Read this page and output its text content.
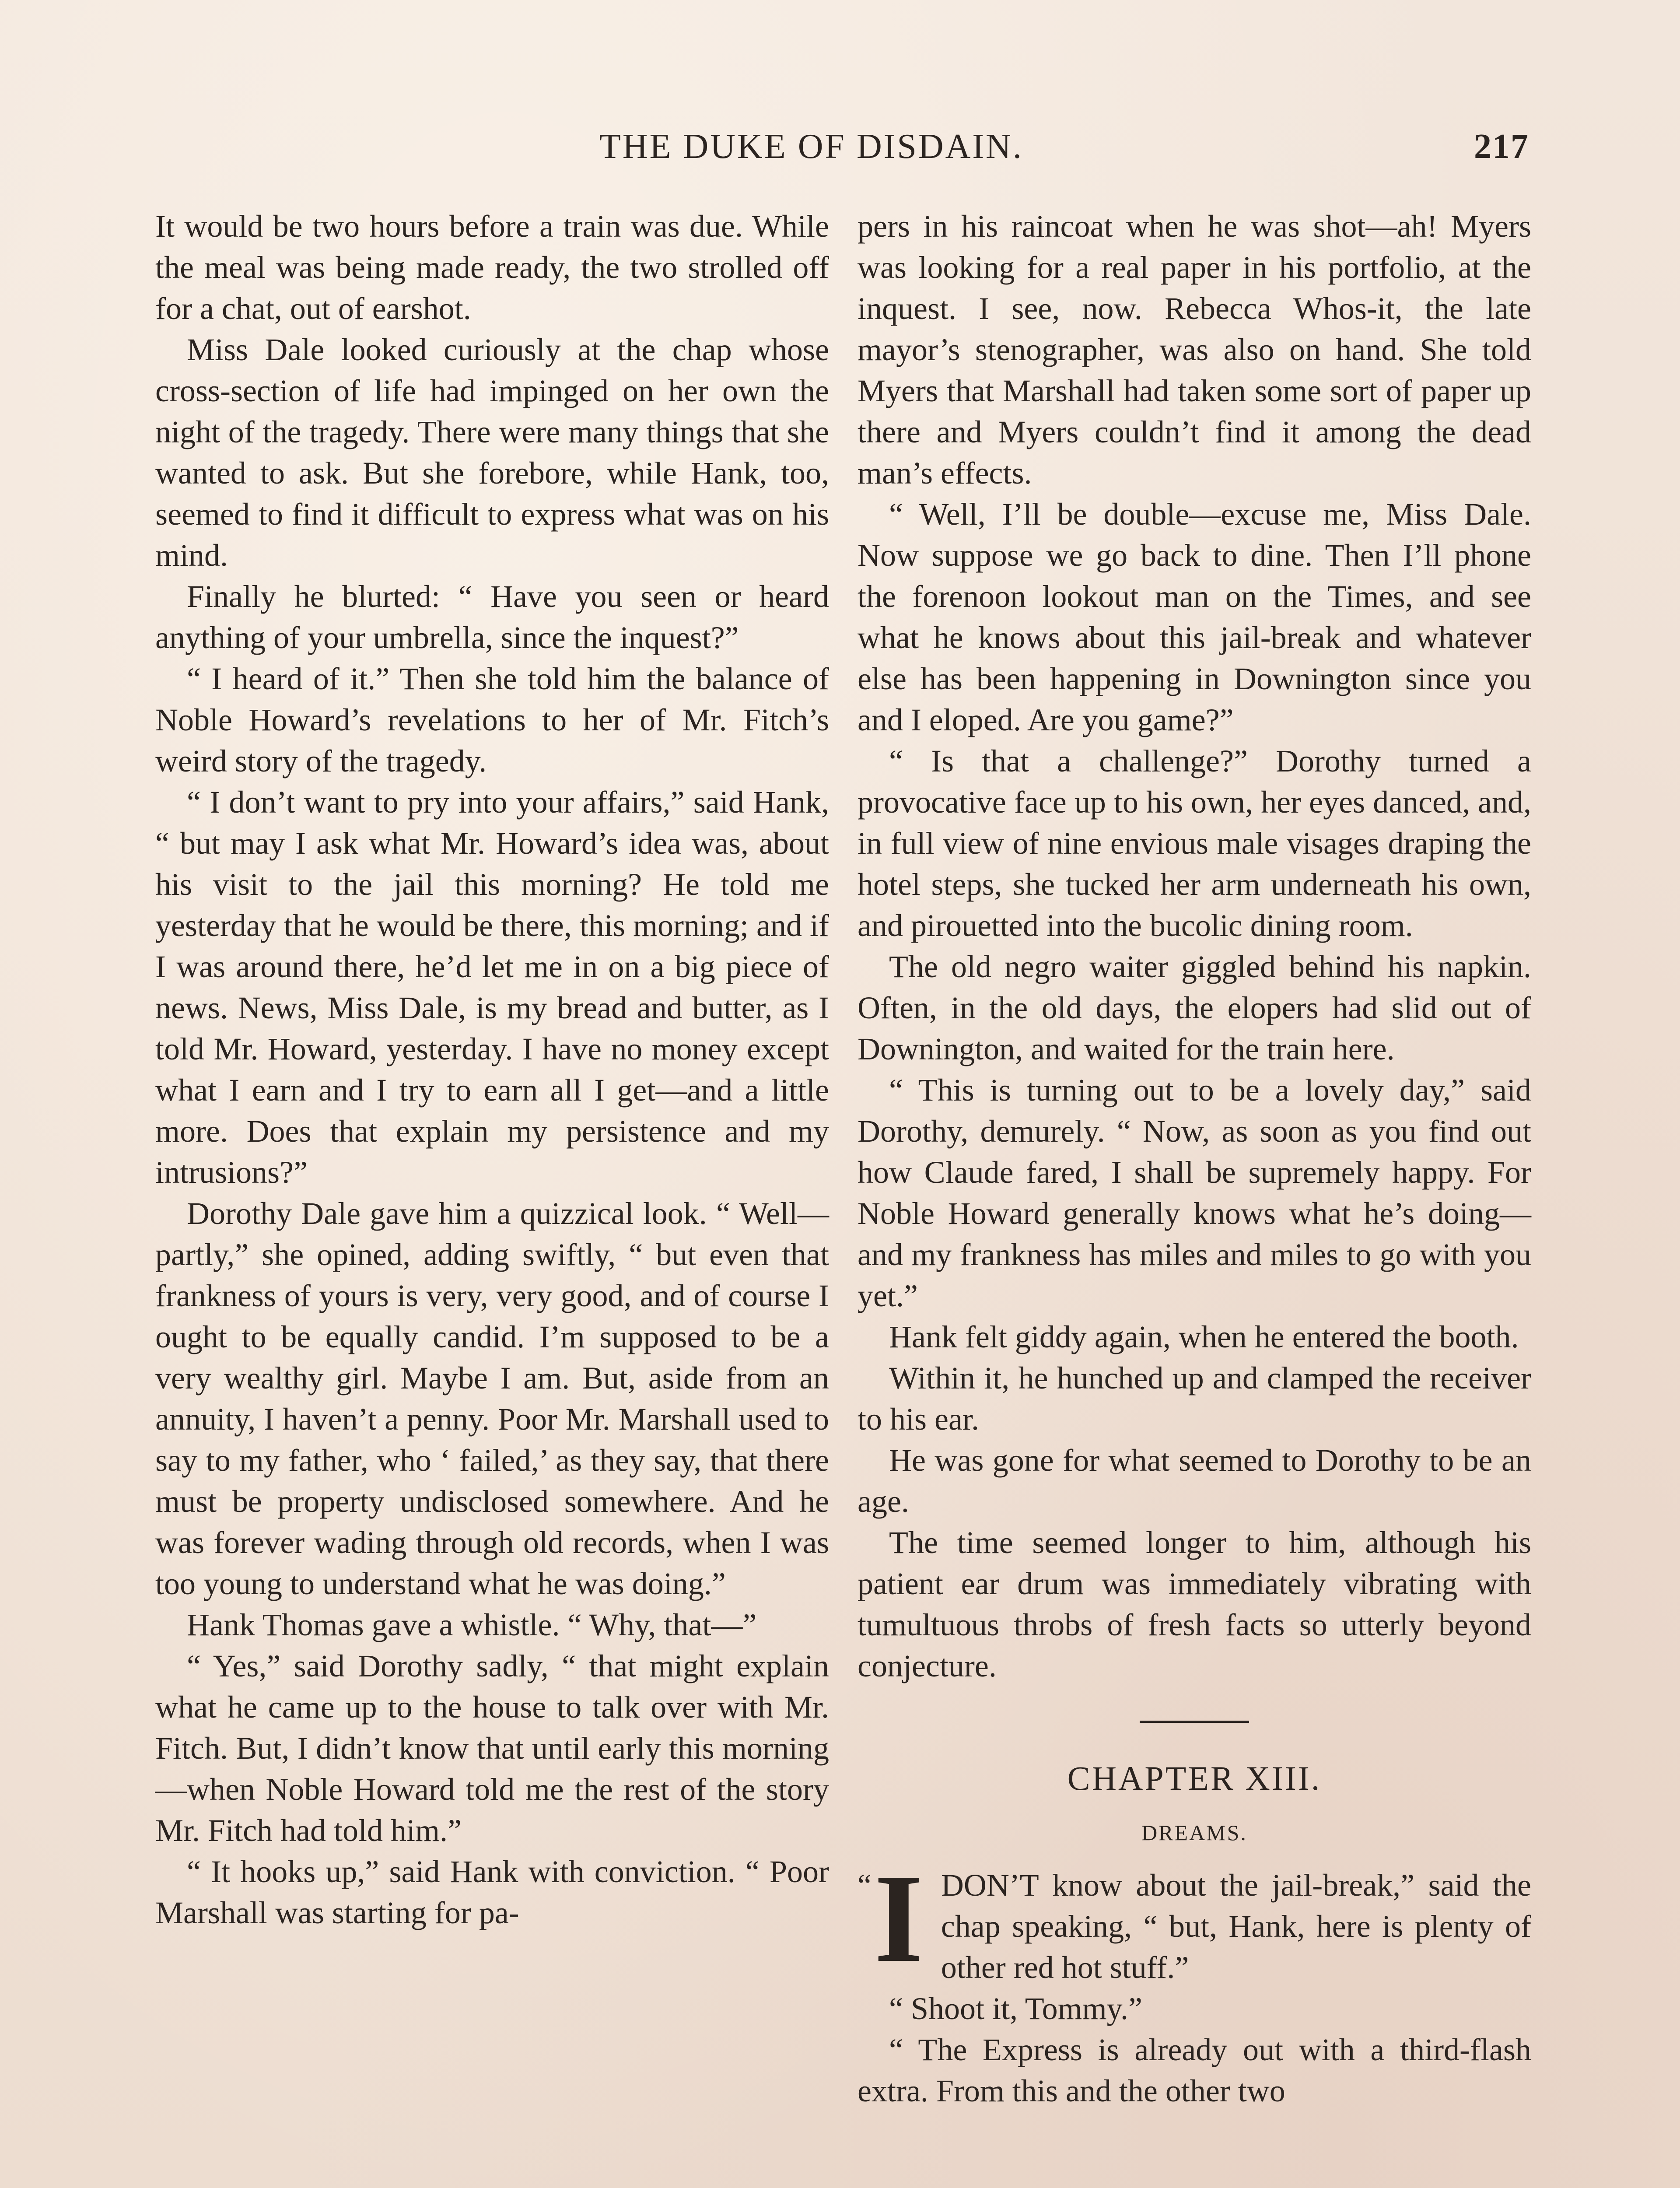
THE DUKE OF DISDAIN.	217

It would be two hours before a train was due. While the meal was being made ready, the two strolled off for a chat, out of earshot.

Miss Dale looked curiously at the chap whose cross-section of life had impinged on her own the night of the tragedy. There were many things that she wanted to ask. But she forebore, while Hank, too, seemed to find it difficult to express what was on his mind.

Finally he blurted: “ Have you seen or heard anything of your umbrella, since the inquest?”

“ I heard of it.” Then she told him the balance of Noble Howard’s revelations to her of Mr. Fitch’s weird story of the tragedy.

“ I don’t want to pry into your affairs,” said Hank, “ but may I ask what Mr. Howard’s idea was, about his visit to the jail this morning? He told me yesterday that he would be there, this morning; and if I was around there, he’d let me in on a big piece of news. News, Miss Dale, is my bread and butter, as I told Mr. Howard, yesterday. I have no money except what I earn and I try to earn all I get—and a little more. Does that explain my persistence and my intrusions?”

Dorothy Dale gave him a quizzical look. “ Well—partly,” she opined, adding swiftly, “ but even that frankness of yours is very, very good, and of course I ought to be equally candid. I’m supposed to be a very wealthy girl. Maybe I am. But, aside from an annuity, I haven’t a penny. Poor Mr. Marshall used to say to my father, who ‘ failed,’ as they say, that there must be property undisclosed somewhere. And he was forever wading through old records, when I was too young to understand what he was doing.”

Hank Thomas gave a whistle. “ Why, that—”

“ Yes,” said Dorothy sadly, “ that might explain what he came up to the house to talk over with Mr. Fitch. But, I didn’t know that until early this morning—when Noble Howard told me the rest of the story Mr. Fitch had told him.”

“ It hooks up,” said Hank with conviction. “ Poor Marshall was starting for pa-

pers in his raincoat when he was shot—ah! Myers was looking for a real paper in his portfolio, at the inquest. I see, now. Rebecca Whos-it, the late mayor’s stenographer, was also on hand. She told Myers that Marshall had taken some sort of paper up there and Myers couldn’t find it among the dead man’s effects.

“ Well, I’ll be double—excuse me, Miss Dale. Now suppose we go back to dine. Then I’ll phone the forenoon lookout man on the Times, and see what he knows about this jail-break and whatever else has been happening in Downington since you and I eloped. Are you game?”

“ Is that a challenge?” Dorothy turned a provocative face up to his own, her eyes danced, and, in full view of nine envious male visages draping the hotel steps, she tucked her arm underneath his own, and pirouetted into the bucolic dining room.

The old negro waiter giggled behind his napkin. Often, in the old days, the elopers had slid out of Downington, and waited for the train here.

“ This is turning out to be a lovely day,” said Dorothy, demurely. “ Now, as soon as you find out how Claude fared, I shall be supremely happy. For Noble Howard generally knows what he’s doing—and my frankness has miles and miles to go with you yet.”

Hank felt giddy again, when he entered the booth.

Within it, he hunched up and clamped the receiver to his ear.

He was gone for what seemed to Dorothy to be an age.

The time seemed longer to him, although his patient ear drum was immediately vibrating with tumultuous throbs of fresh facts so utterly beyond conjecture.

CHAPTER XIII.
DREAMS.

“ I DON’T know about the jail-break,” said the chap speaking, “ but, Hank, here is plenty of other red hot stuff.”

“ Shoot it, Tommy.”

“ The Express is already out with a third-flash extra. From this and the other two
